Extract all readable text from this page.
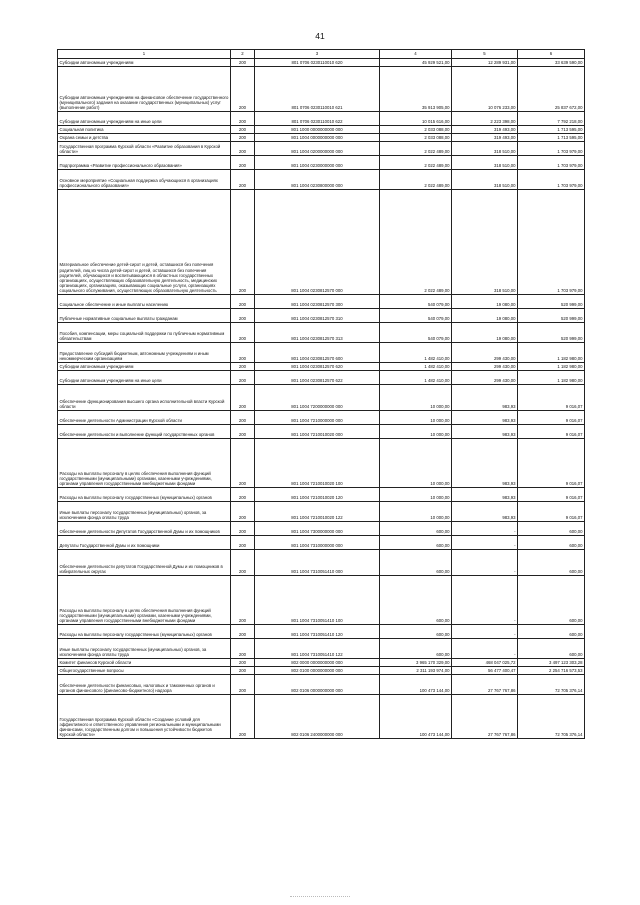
41
1	2	3	4	5	6
Субсидии автономным учреждениям	200	801 0706 0230110010 620	45 929 521,00	12 289 931,00	33 639 590,00
Субсидии автономным учреждениям на финансовое обеспечение государственного (муниципального) задания на оказание государственных (муниципальных) услуг (выполнение работ)	200	801 0706 0230110010 621	35 913 905,00	10 076 233,00	25 837 672,00
Субсидии автономным учреждениям на иные цели	200	801 0706 0230110010 622	10 015 616,00	2 223 398,00	7 792 218,00
Социальная политика	200	801 1000 0000000000 000	2 033 088,00	319 493,00	1 713 595,00
Охрана семьи и детства	200	801 1004 0000000000 000	2 033 088,00	319 493,00	1 713 595,00
Государственная программа Курской области «Развитие образования в Курской области»	200	801 1004 0200000000 000	2 022 489,00	318 510,00	1 703 979,00
Подпрограмма «Развитие профессионального образования»	200	801 1004 0230000000 000	2 022 489,00	318 510,00	1 703 979,00
Основное мероприятие «Социальная поддержка обучающихся в организациях профессионального образования»	200	801 1004 0230800000 000	2 022 489,00	318 510,00	1 703 979,00
Материальное обеспечение детей-сирот и детей, оставшихся без попечения родителей, лиц из числа детей-сирот и детей, оставшихся без попечения родителей, обучающихся и воспитывающихся в областных государственных организациях, осуществляющих образовательную деятельность, медицинских организациях, организациях, оказывающих социальные услуги, организациях социального обслуживания, осуществляющих образовательную деятельность	200	801 1004 0230812570 000	2 022 489,00	318 510,00	1 703 979,00
Социальное обеспечение и иные выплаты населению	200	801 1004 0230812570 300	540 079,00	19 080,00	520 999,00
Публичные нормативные социальные выплаты гражданам	200	801 1004 0230812570 310	540 079,00	19 080,00	520 999,00
Пособия, компенсации, меры социальной поддержки по публичным нормативным обязательствам	200	801 1004 0230812570 313	540 079,00	19 080,00	520 999,00
Предоставление субсидий бюджетным, автономным учреждениям и иным некоммерческим организациям	200	801 1004 0230812570 600	1 482 410,00	299 430,00	1 182 980,00
Субсидии автономным учреждениям	200	801 1004 0230812570 620	1 482 410,00	299 430,00	1 182 980,00
Субсидии автономным учреждениям на иные цели	200	801 1004 0230812570 622	1 482 410,00	299 430,00	1 182 980,00
Обеспечение функционирования высшего органа исполнительной власти Курской области	200	801 1004 7200000000 000	10 000,00	983,93	9 016,07
Обеспечение деятельности Администрации Курской области	200	801 1004 7210000000 000	10 000,00	983,93	9 016,07
Обеспечение деятельности и выполнение функций государственных органов	200	801 1004 7210010020 000	10 000,00	983,93	9 016,07
Расходы на выплаты персоналу в целях обеспечения выполнения функций государственными (муниципальными) органами, казенными учреждениями, органами управления государственными внебюджетными фондами	200	801 1004 7210010020 100	10 000,00	983,93	9 016,07
Расходы на выплаты персоналу государственных (муниципальных) органов	200	801 1004 7210010020 120	10 000,00	983,93	9 016,07
Иные выплаты персоналу государственных (муниципальных) органов, за исключением фонда оплаты труда	200	801 1004 7210010020 122	10 000,00	983,93	9 016,07
Обеспечение деятельности Депутатов Государственной Думы и их помощников	200	801 1004 7300000000 000	600,00	-	600,00
Депутаты Государственной Думы и их помощники	200	801 1004 7310000000 000	600,00	-	600,00
Обеспечение деятельности депутатов Государственной Думы и их помощников в избирательных округах	200	801 1004 7310051410 000	600,00	-	600,00
Расходы на выплаты персоналу в целях обеспечения выполнения функций государственными (муниципальными) органами, казенными учреждениями, органами управления государственными внебюджетными фондами	200	801 1004 7310051410 100	600,00	-	600,00
Расходы на выплаты персоналу государственных (муниципальных) органов	200	801 1004 7310051410 120	600,00	-	600,00
Иные выплаты персоналу государственных (муниципальных) органов, за исключением фонда оплаты труда	200	801 1004 7310051410 122	600,00	-	600,00
Комитет финансов Курской области	200	802 0000 0000000000 000	3 965 170 329,00	468 047 025,72	3 497 123 303,28
Общегосударственные вопросы	200	802 0100 0000000000 000	2 311 193 974,00	56 477 400,47	2 254 716 573,53
Обеспечение деятельности финансовых, налоговых и таможенных органов и органов финансового (финансово-бюджетного) надзора	200	802 0106 0000000000 000	100 473 144,00	27 767 767,86	72 705 376,14
Государственная программа Курской области «Создание условий для эффективного и ответственного управления региональными и муниципальными финансами, государственным долгом и повышения устойчивости бюджетов Курской области»	200	802 0106 2400000000 000	100 473 144,00	27 767 767,86	72 705 376,14
